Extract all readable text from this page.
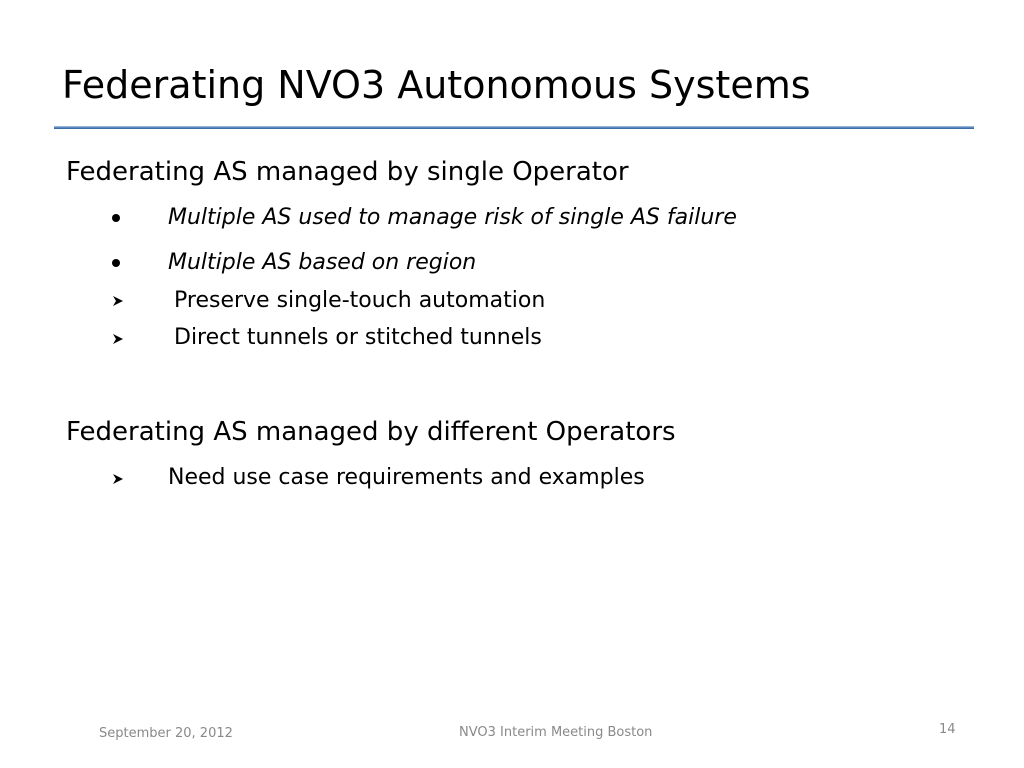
Federating NVO3 Autonomous Systems
Federating AS managed by single Operator
Multiple AS used to manage risk of single AS failure
Multiple AS based on region
Preserve single-touch automation
Direct tunnels or stitched tunnels
Federating AS managed by different Operators
Need use case requirements and examples
September 20, 2012	NVO3 Interim Meeting Boston	14
